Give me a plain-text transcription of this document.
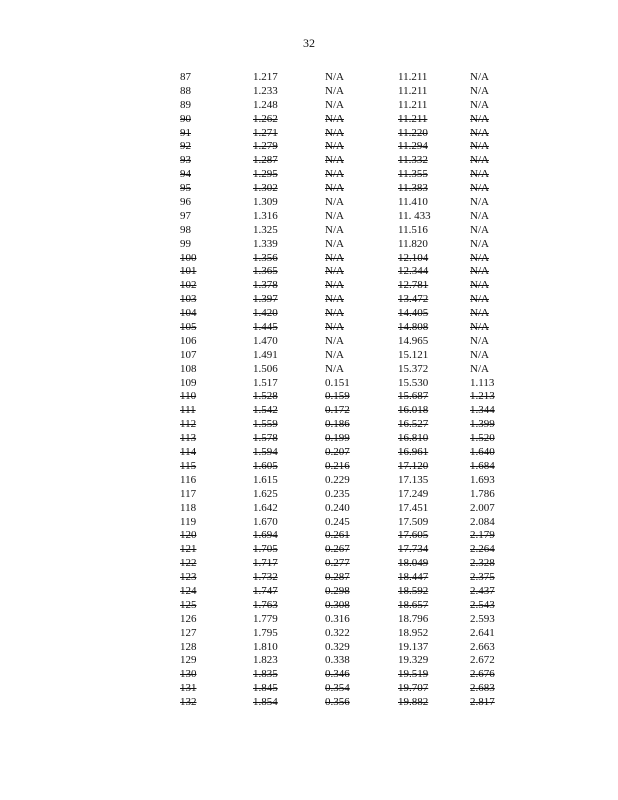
32
87	1.217	N/A	11.211	N/A
88	1.233	N/A	11.211	N/A
89	1.248	N/A	11.211	N/A
90	1.262	N/A	11.211	N/A
91	1.271	N/A	11.220	N/A
92	1.279	N/A	11.294	N/A
93	1.287	N/A	11.332	N/A
94	1.295	N/A	11.355	N/A
95	1.302	N/A	11.383	N/A
96	1.309	N/A	11.410	N/A
97	1.316	N/A	11. 433	N/A
98	1.325	N/A	11.516	N/A
99	1.339	N/A	11.820	N/A
100	1.356	N/A	12.104	N/A
101	1.365	N/A	12.344	N/A
102	1.378	N/A	12.781	N/A
103	1.397	N/A	13.472	N/A
104	1.420	N/A	14.405	N/A
105	1.445	N/A	14.808	N/A
106	1.470	N/A	14.965	N/A
107	1.491	N/A	15.121	N/A
108	1.506	N/A	15.372	N/A
109	1.517	0.151	15.530	1.113
110	1.528	0.159	15.687	1.213
111	1.542	0.172	16.018	1.344
112	1.559	0.186	16.527	1.399
113	1.578	0.199	16.810	1.520
114	1.594	0.207	16.961	1.640
115	1.605	0.216	17.120	1.684
116	1.615	0.229	17.135	1.693
117	1.625	0.235	17.249	1.786
118	1.642	0.240	17.451	2.007
119	1.670	0.245	17.509	2.084
120	1.694	0.261	17.605	2.179
121	1.705	0.267	17.734	2.264
122	1.717	0.277	18.049	2.328
123	1.732	0.287	18.447	2.375
124	1.747	0.298	18.592	2.437
125	1.763	0.308	18.657	2.543
126	1.779	0.316	18.796	2.593
127	1.795	0.322	18.952	2.641
128	1.810	0.329	19.137	2.663
129	1.823	0.338	19.329	2.672
130	1.835	0.346	19.519	2.676
131	1.845	0.354	19.707	2.683
132	1.854	0.356	19.882	2.817
